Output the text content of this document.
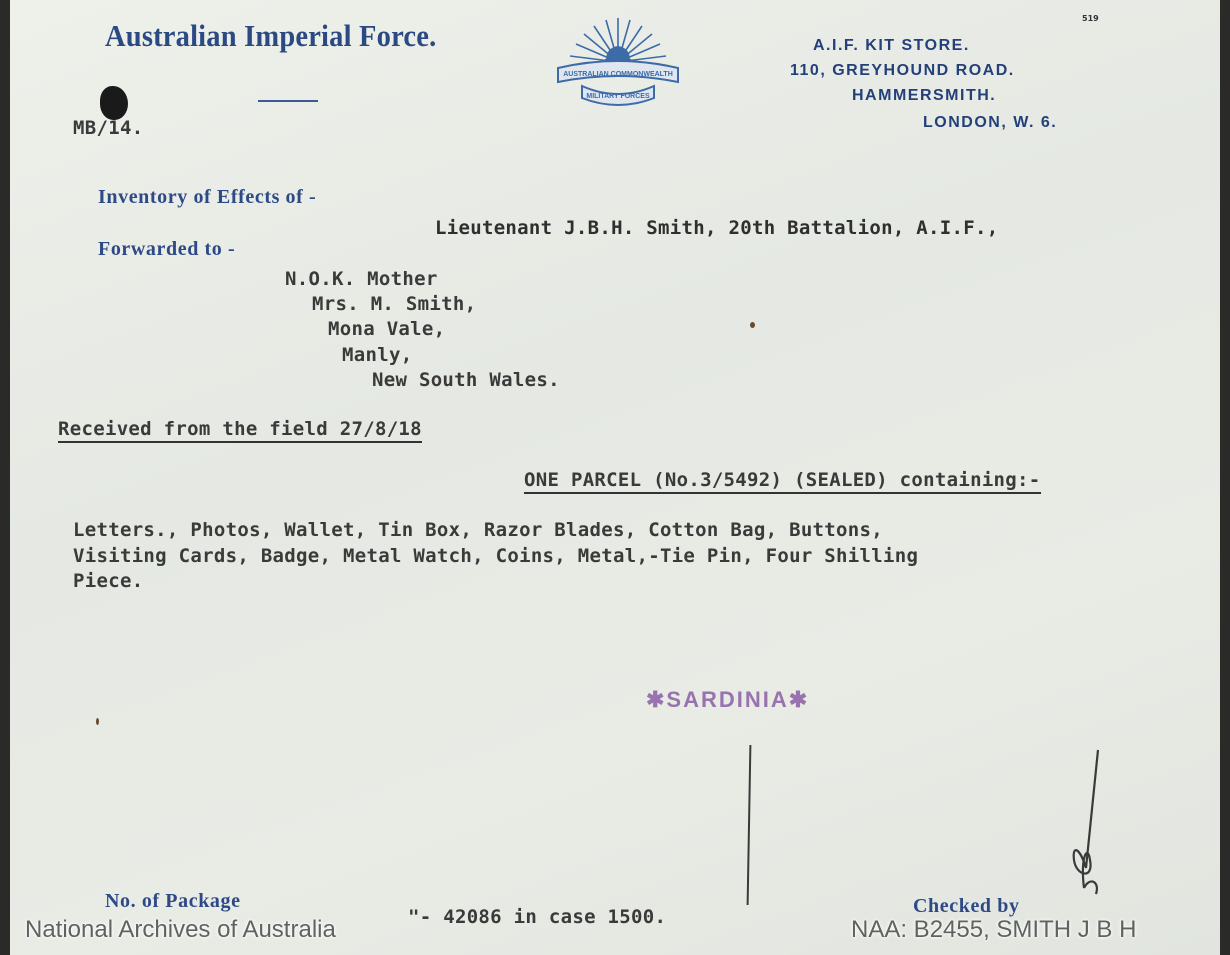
Australian Imperial Force.
AUSTRALIAN COMMONWEALTH
MILITARY FORCES
519
A.I.F. KIT STORE.
110, GREYHOUND ROAD.
HAMMERSMITH.
LONDON, W. 6.
MB/14.
Inventory of Effects of -
Lieutenant J.B.H. Smith, 20th Battalion, A.I.F.,
Forwarded to -
N.O.K. Mother
Mrs. M. Smith,
Mona Vale,
Manly,
New South Wales.
Received from the field 27/8/18
ONE PARCEL (No.3/5492) (SEALED) containing:-
Letters., Photos, Wallet, Tin Box, Razor Blades, Cotton Bag, Buttons,
Visiting Cards, Badge, Metal Watch, Coins, Metal,-Tie Pin, Four Shilling
Piece.
✱SARDINIA✱
No. of Package
"- 42086 in case 1500.	Checked by
National Archives of Australia	NAA: B2455, SMITH J B H
